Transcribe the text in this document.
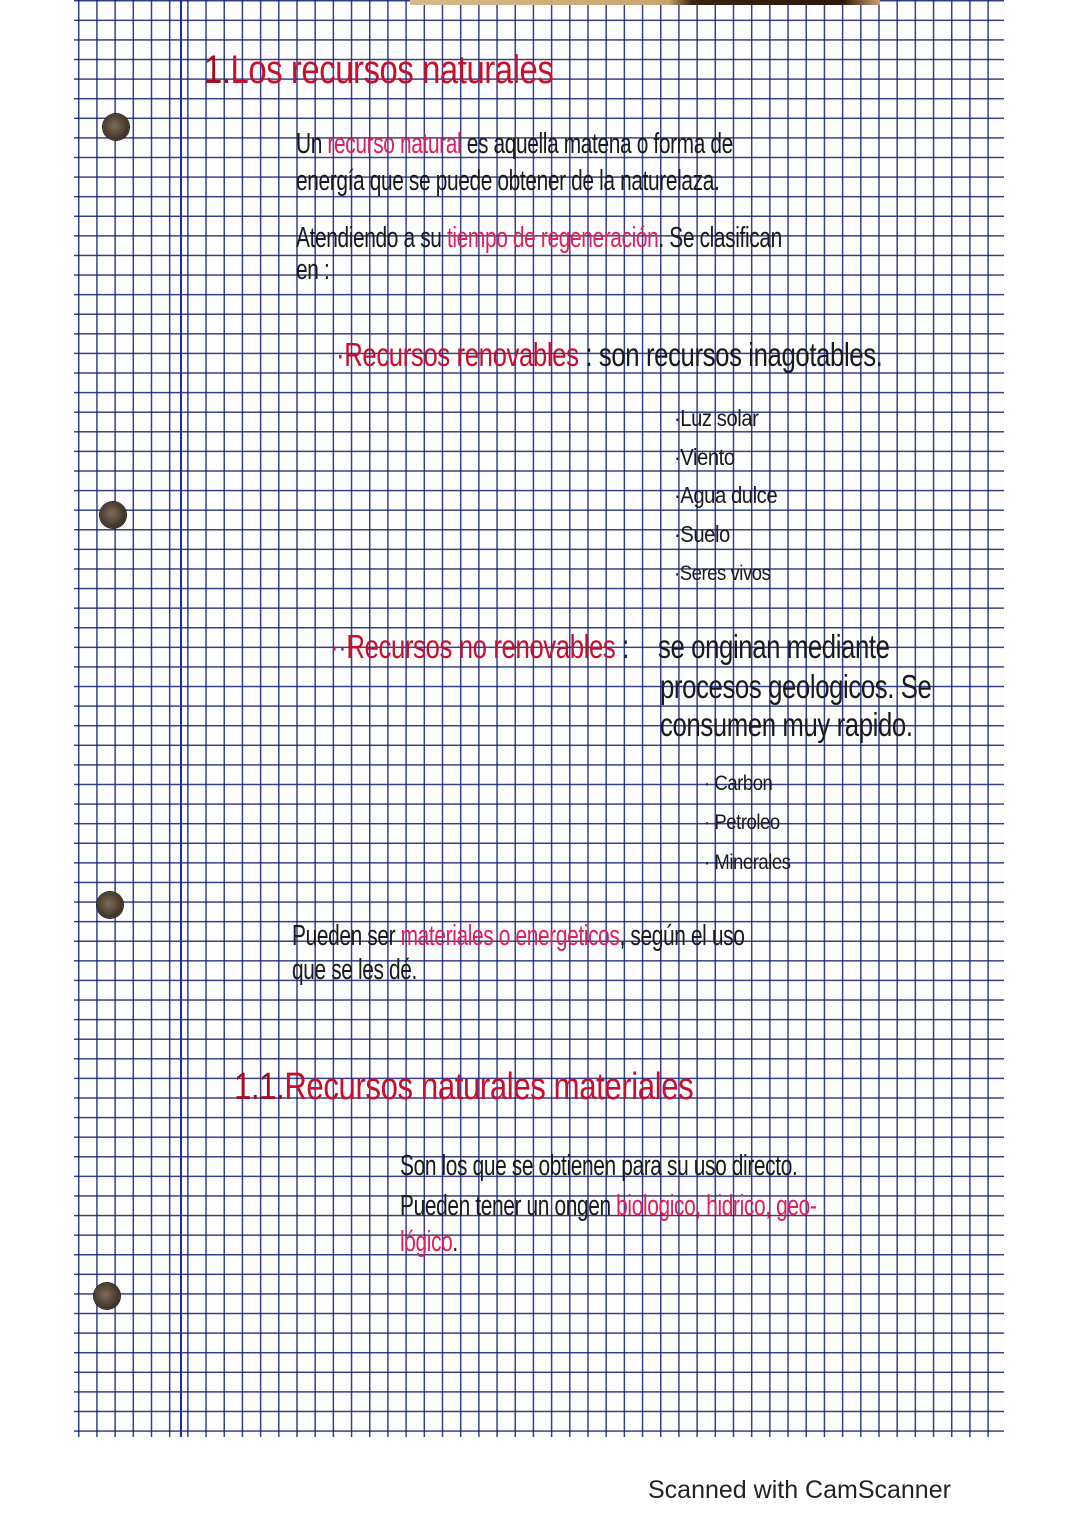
1.Los recursos naturales
Un recurso natural es aquella matena o forma de
energía que se puede obtener de la naturelaza.
Atendiendo a su tiempo de regeneración. Se clasifican
en :
·Recursos renovables : son recursos inagotables.
·Luz solar
·Viento
·Agua dulce
·Suelo
·Seres vivos
··Recursos no renovables : se onginan mediante
procesos geologicos. Se
consumen muy rapido.
· Carbon
· Petroleo
· Minerales
Pueden ser materiales o energeticos, según el uso
que se les dé.
1.1.Recursos naturales materiales
Son los que se obtienen para su uso directo.
Pueden tener un ongen biologico, hidrico, geo-
lógico.
Scanned with CamScanner
